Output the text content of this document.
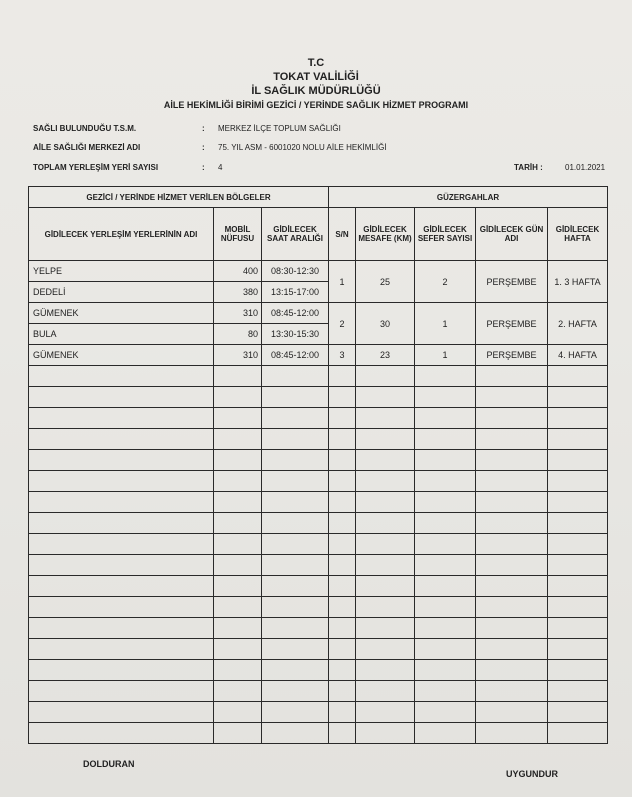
T.C
TOKAT VALİLİĞİ
İL SAĞLIK MÜDÜRLÜĞÜ
AİLE HEKİMLİĞİ BİRİMİ GEZİCİ / YERİNDE SAĞLIK HİZMET PROGRAMI
SAĞLI BULUNDUĞU T.S.M.	: MERKEZ İLÇE TOPLUM SAĞLIĞI
AİLE SAĞLIĞI MERKEZİ ADI	: 75. YIL ASM - 6001020 NOLU AİLE HEKİMLİĞİ
TOPLAM YERLEŞİM YERİ SAYISI	: 4	TARİH :	01.01.2021
GEZİCİ / YERİNDE HİZMET VERİLEN BÖLGELER			GÜZERGAHLAR				
GİDİLECEK YERLEŞİM YERLERİNİN ADI	MOBİL NÜFUSU	GİDİLECEK SAAT ARALIĞI	S/N	GİDİLECEK MESAFE (KM)	GİDİLECEK SEFER SAYISI	GİDİLECEK GÜN ADI	GİDİLECEK HAFTA
YELPE	400	08:30-12:30	1	25	2	PERŞEMBE	1. 3 HAFTA
DEDELİ	380	13:15-17:00					
GÜMENEK	310	08:45-12:00	2	30	1	PERŞEMBE	2. HAFTA
BULA	80	13:30-15:30					
GÜMENEK	310	08:45-12:00	3	23	1	PERŞEMBE	4. HAFTA

DOLDURAN
UYGUNDUR
